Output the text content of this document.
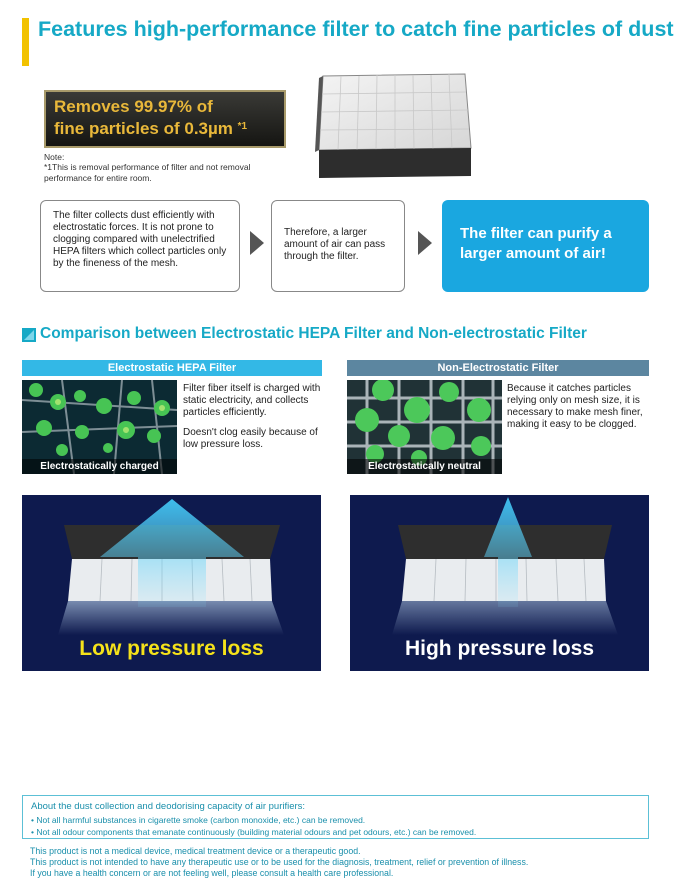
Features high-performance filter to catch fine particles of dust
Removes 99.97% of
fine particles of 0.3µm $^{*1}$
Note:
*1This is removal performance of filter and not removal performance for entire room.
The filter collects dust efficiently with electrostatic forces. It is not prone to clogging compared with unelectrified HEPA filters which collect particles only by the fineness of the mesh.
Therefore, a larger amount of air can pass through the filter.
The filter can purify a larger amount of air!
Comparison between Electrostatic HEPA Filter and Non-electrostatic Filter
Electrostatic HEPA Filter	Non-Electrostatic Filter
Electrostatically charged	Electrostatically neutral
Filter fiber itself is charged with static electricity, and collects particles efficiently.
Doesn't clog easily because of low pressure loss.
Because it catches particles relying only on mesh size, it is necessary to make mesh finer, making it easy to be clogged.
Low pressure loss	High pressure loss
About the dust collection and deodorising capacity of air purifiers:
• Not all harmful substances in cigarette smoke (carbon monoxide, etc.) can be removed.
• Not all odour components that emanate continuously (building material odours and pet odours, etc.) can be removed.
This product is not a medical device, medical treatment device or a therapeutic good.
This product is not intended to have any therapeutic use or to be used for the diagnosis, treatment, relief or prevention of illness.
If you have a health concern or are not feeling well, please consult a health care professional.
